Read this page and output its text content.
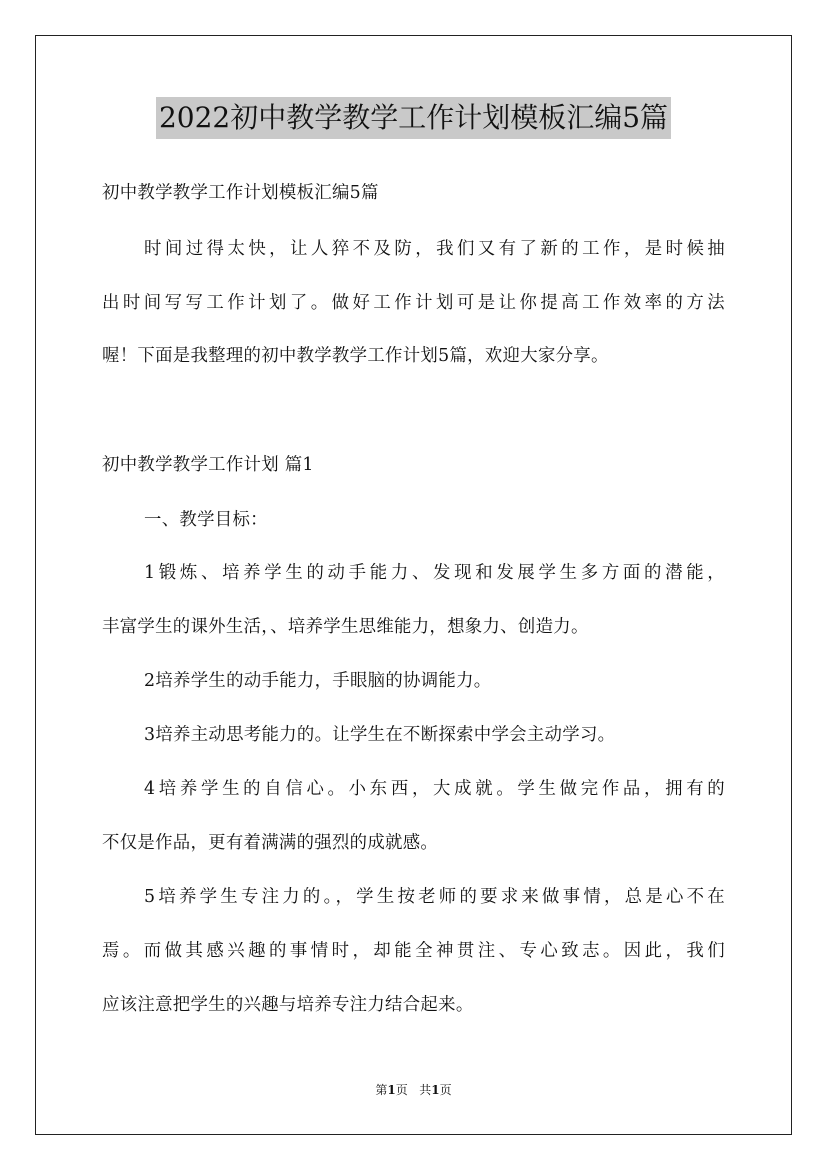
2022初中教学教学工作计划模板汇编5篇
初中教学教学工作计划模板汇编5篇
时间过得太快，让人猝不及防，我们又有了新的工作，是时候抽
出时间写写工作计划了。做好工作计划可是让你提高工作效率的方法
喔！下面是我整理的初中教学教学工作计划5篇，欢迎大家分享。
初中教学教学工作计划 篇1
一、教学目标：
1锻炼、培养学生的动手能力、发现和发展学生多方面的潜能，
丰富学生的课外生活，、培养学生思维能力，想象力、创造力。
2培养学生的动手能力，手眼脑的协调能力。
3培养主动思考能力的。让学生在不断探索中学会主动学习。
4培养学生的自信心。小东西，大成就。学生做完作品，拥有的
不仅是作品，更有着满满的强烈的成就感。
5培养学生专注力的。，学生按老师的要求来做事情，总是心不在
焉。而做其感兴趣的事情时，却能全神贯注、专心致志。因此，我们
应该注意把学生的兴趣与培养专注力结合起来。
第1页 共1页
